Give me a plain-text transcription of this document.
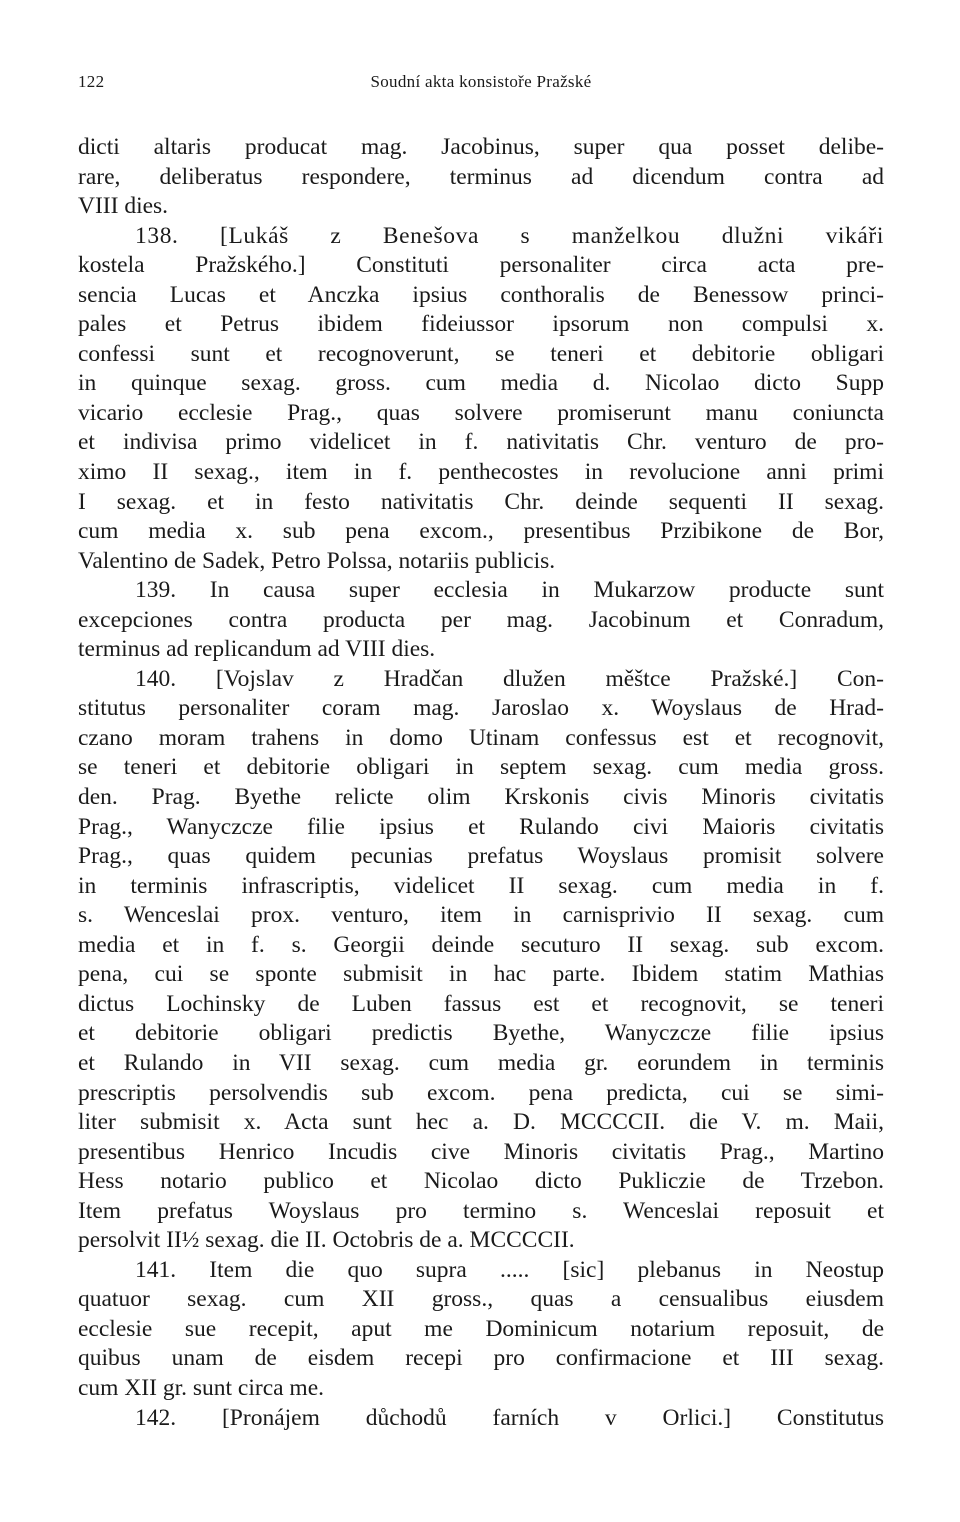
122	Soudní akta konsistoře Pražské
dicti altaris producat mag. Jacobinus, super qua posset delibe-
rare, deliberatus respondere, terminus ad dicendum contra ad
VIII dies.
138. [Lukáš z Benešova s manželkou dlužni vikáři
kostela Pražského.] Constituti personaliter circa acta pre-
sencia Lucas et Anczka ipsius conthoralis de Benessow princi-
pales et Petrus ibidem fideiussor ipsorum non compulsi x.
confessi sunt et recognoverunt, se teneri et debitorie obligari
in quinque sexag. gross. cum media d. Nicolao dicto Supp
vicario ecclesie Prag., quas solvere promiserunt manu coniuncta
et indivisa primo videlicet in f. nativitatis Chr. venturo de pro-
ximo II sexag., item in f. penthecostes in revolucione anni primi
I sexag. et in festo nativitatis Chr. deinde sequenti II sexag.
cum media x. sub pena excom., presentibus Przibikone de Bor,
Valentino de Sadek, Petro Polssa, notariis publicis.
139. In causa super ecclesia in Mukarzow producte sunt
excepciones contra producta per mag. Jacobinum et Conradum,
terminus ad replicandum ad VIII dies.
140. [Vojslav z Hradčan dlužen měštce Pražské.] Con-
stitutus personaliter coram mag. Jaroslao x. Woyslaus de Hrad-
czano moram trahens in domo Utinam confessus est et recognovit,
se teneri et debitorie obligari in septem sexag. cum media gross.
den. Prag. Byethe relicte olim Krskonis civis Minoris civitatis
Prag., Wanyczcze filie ipsius et Rulando civi Maioris civitatis
Prag., quas quidem pecunias prefatus Woyslaus promisit solvere
in terminis infrascriptis, videlicet II sexag. cum media in f.
s. Wenceslai prox. venturo, item in carnisprivio II sexag. cum
media et in f. s. Georgii deinde secuturo II sexag. sub excom.
pena, cui se sponte submisit in hac parte. Ibidem statim Mathias
dictus Lochinsky de Luben fassus est et recognovit, se teneri
et debitorie obligari predictis Byethe, Wanyczcze filie ipsius
et Rulando in VII sexag. cum media gr. eorundem in terminis
prescriptis persolvendis sub excom. pena predicta, cui se simi-
liter submisit x. Acta sunt hec a. D. MCCCCII. die V. m. Maii,
presentibus Henrico Incudis cive Minoris civitatis Prag., Martino
Hess notario publico et Nicolao dicto Pukliczie de Trzebon.
Item prefatus Woyslaus pro termino s. Wenceslai reposuit et
persolvit II½ sexag. die II. Octobris de a. MCCCCII.
141. Item die quo supra ..... [sic] plebanus in Neostup
quatuor sexag. cum XII gross., quas a censualibus eiusdem
ecclesie sue recepit, aput me Dominicum notarium reposuit, de
quibus unam de eisdem recepi pro confirmacione et III sexag.
cum XII gr. sunt circa me.
142. [Pronájem důchodů farních v Orlici.] Constitutus
